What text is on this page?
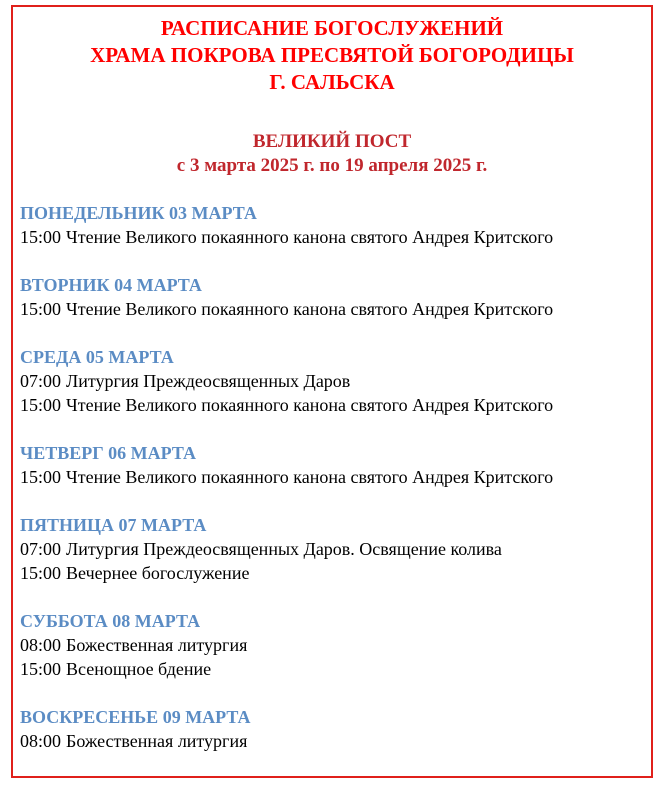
РАСПИСАНИЕ БОГОСЛУЖЕНИЙ
ХРАМА ПОКРОВА ПРЕСВЯТОЙ БОГОРОДИЦЫ
Г. САЛЬСКА
ВЕЛИКИЙ ПОСТ
с 3 марта 2025 г. по 19 апреля 2025 г.
ПОНЕДЕЛЬНИК 03 МАРТА
15:00 Чтение Великого покаянного канона святого Андрея Критского
ВТОРНИК 04 МАРТА
15:00 Чтение Великого покаянного канона святого Андрея Критского
СРЕДА 05 МАРТА
07:00 Литургия Преждеосвященных Даров
15:00 Чтение Великого покаянного канона святого Андрея Критского
ЧЕТВЕРГ 06 МАРТА
15:00 Чтение Великого покаянного канона святого Андрея Критского
ПЯТНИЦА 07 МАРТА
07:00 Литургия Преждеосвященных Даров. Освящение колива
15:00 Вечернее богослужение
СУББОТА 08 МАРТА
08:00 Божественная литургия
15:00 Всенощное бдение
ВОСКРЕСЕНЬЕ 09 МАРТА
08:00 Божественная литургия
